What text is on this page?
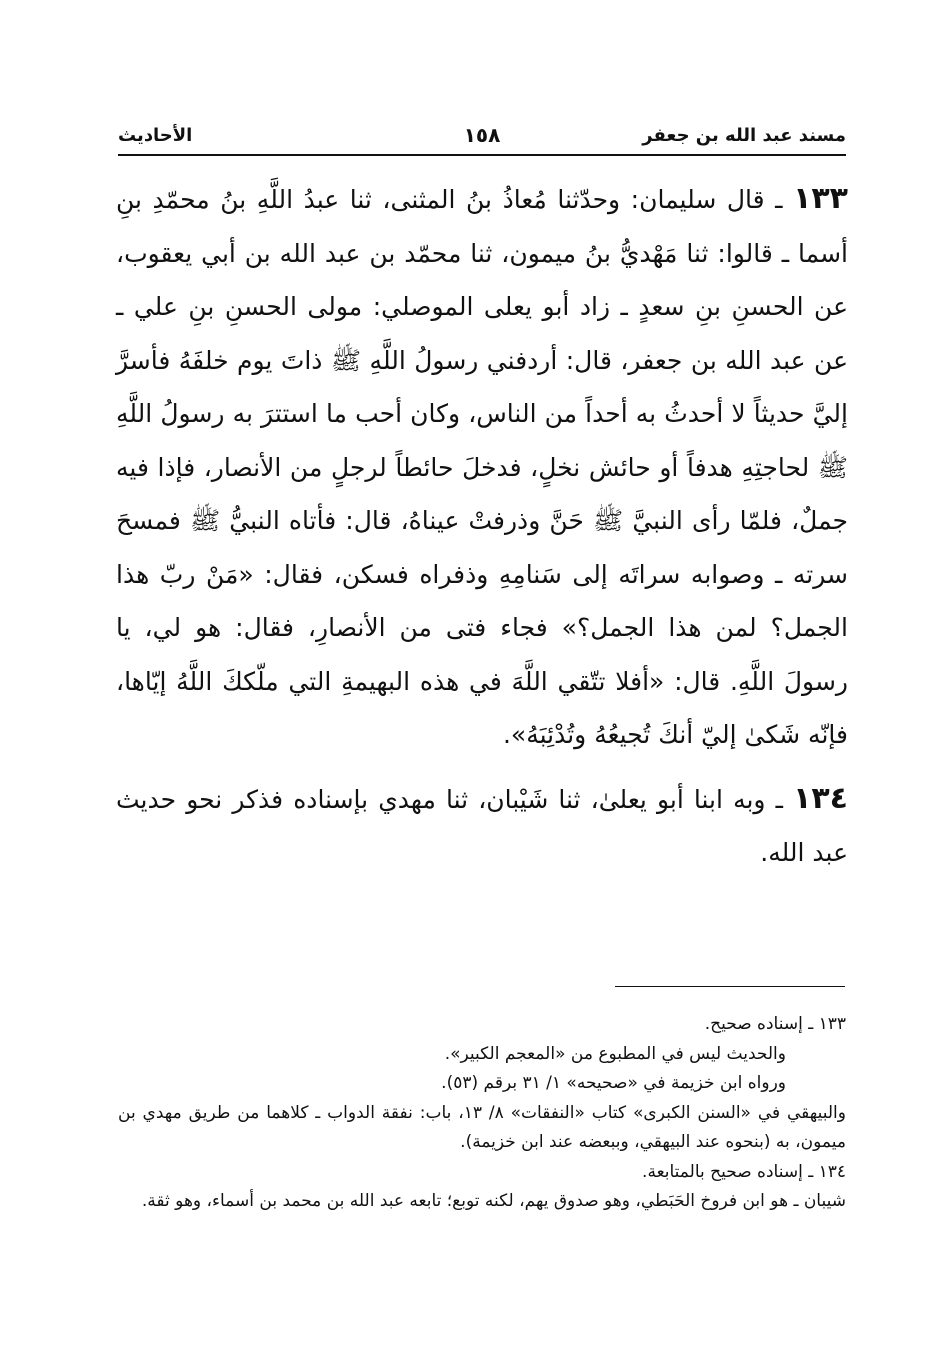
مسند عبد الله بن جعفر
١٥٨
الأحاديث

١٣٣ ـ قال سليمان: وحدّثنا مُعاذُ بنُ المثنى، ثنا عبدُ اللَّهِ بنُ محمّدِ بنِ أسما ـ قالوا: ثنا مَهْديُّ بنُ ميمون، ثنا محمّد بن عبد الله بن أبي يعقوب، عن الحسنِ بنِ سعدٍ ـ زاد أبو يعلى الموصلي: مولى الحسنِ بنِ علي ـ عن عبد الله بن جعفر، قال: أردفني رسولُ اللَّهِ ﷺ ذاتَ يوم خلفَهُ فأسرَّ إليَّ حديثاً لا أحدثُ به أحداً من الناس، وكان أحب ما استترَ به رسولُ اللَّهِ ﷺ لحاجتِهِ هدفاً أو حائش نخلٍ، فدخلَ حائطاً لرجلٍ من الأنصار، فإذا فيه جملٌ، فلمّا رأى النبيَّ ﷺ حَنَّ وذرفتْ عيناهُ، قال: فأتاه النبيُّ ﷺ فمسحَ سرته ـ وصوابه سراتَه إلى سَنامِهِ وذفراه فسكن، فقال: «مَنْ ربّ هذا الجمل؟ لمن هذا الجمل؟» فجاء فتى من الأنصارِ، فقال: هو لي، يا رسولَ اللَّهِ. قال: «أفلا تتّقي اللَّهَ في هذه البهيمةِ التي ملّككَ اللَّهُ إيّاها، فإنّه شَكىٰ إليّ أنكَ تُجيعُهُ وتُدْئِبَهُ».

١٣٤ ـ وبه ابنا أبو يعلىٰ، ثنا شَيْبان، ثنا مهدي بإسناده فذكر نحو حديث عبد الله.

١٣٣ ـ إسناده صحيح.

والحديث ليس في المطبوع من «المعجم الكبير».

ورواه ابن خزيمة في «صحيحه» ١/ ٣١ برقم (٥٣).

والبيهقي في «السنن الكبرى» كتاب «النفقات» ٨/ ١٣، باب: نفقة الدواب ـ كلاهما من طريق مهدي بن ميمون، به (بنحوه عند البيهقي، وببعضه عند ابن خزيمة).

١٣٤ ـ إسناده صحيح بالمتابعة.

شيبان ـ هو ابن فروخ الحَبَطي، وهو صدوق يهم، لكنه توبع؛ تابعه عبد الله بن محمد بن أسماء، وهو ثقة.
